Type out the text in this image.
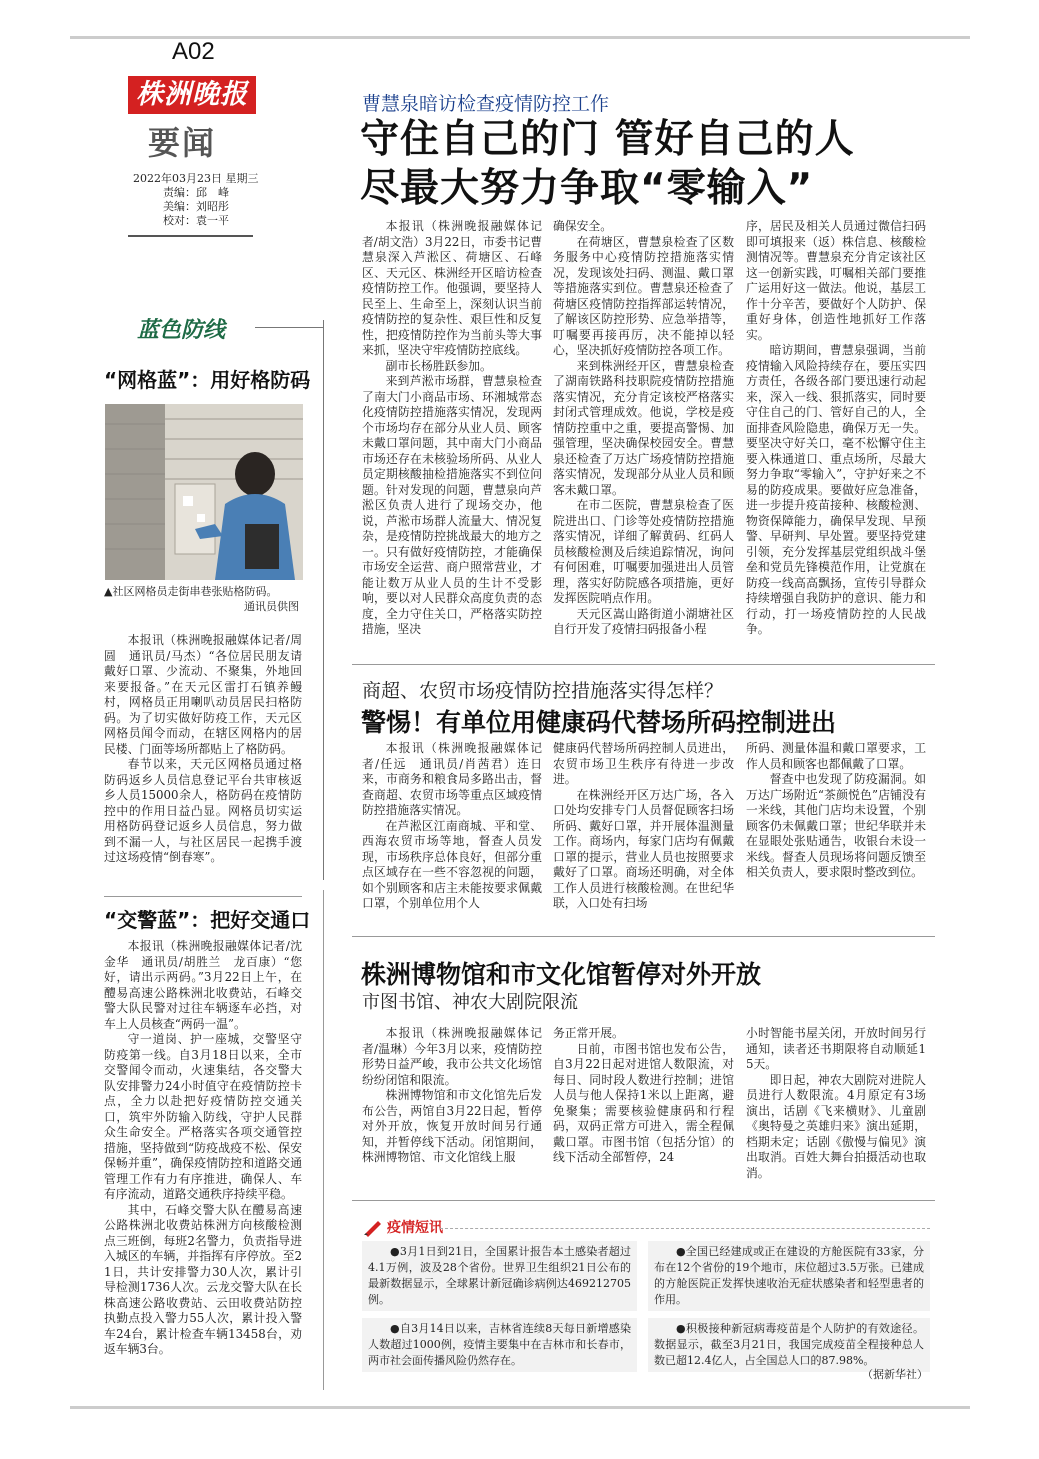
A02
株洲晚报
要闻
2022年03月23日 星期三
责编：邱　峰
美编：刘昭彤
校对：袁一平
曹慧泉暗访检查疫情防控工作
守住自己的门 管好自己的人
尽最大努力争取“零输入”

本报讯（株洲晚报融媒体记者/胡文浩）3月22日，市委书记曹慧泉深入芦淞区、荷塘区、石峰区、天元区、株洲经开区暗访检查疫情防控工作。他强调，要坚持人民至上、生命至上，深刻认识当前疫情防控的复杂性、艰巨性和反复性，把疫情防控作为当前头等大事来抓，坚决守牢疫情防控底线。

副市长杨胜跃参加。

来到芦淞市场群，曹慧泉检查了南大门小商品市场、环湘城常态化疫情防控措施落实情况，发现两个市场均存在部分从业人员、顾客未戴口罩问题，其中南大门小商品市场还存在未核验场所码、从业人员定期核酸抽检措施落实不到位问题。针对发现的问题，曹慧泉向芦淞区负责人进行了现场交办，他说，芦淞市场群人流量大、情况复杂，是疫情防控挑战最大的地方之一。只有做好疫情防控，才能确保市场安全运营、商户照常营业，才能让数万从业人员的生计不受影响，要以对人民群众高度负责的态度，全力守住关口，严格落实防控措施，坚决

确保安全。

在荷塘区，曹慧泉检查了区数务服务中心疫情防控措施落实情况，发现该处扫码、测温、戴口罩等措施落实到位。曹慧泉还检查了荷塘区疫情防控指挥部运转情况，了解该区防控形势、应急举措等，叮嘱要再接再厉，决不能掉以轻心，坚决抓好疫情防控各项工作。

来到株洲经开区，曹慧泉检查了湖南铁路科技职院疫情防控措施落实情况，充分肯定该校严格落实封闭式管理成效。他说，学校是疫情防控重中之重，要提高警惕、加强管理，坚决确保校园安全。曹慧泉还检查了万达广场疫情防控措施落实情况，发现部分从业人员和顾客未戴口罩。

在市二医院，曹慧泉检查了医院进出口、门诊等处疫情防控措施落实情况，详细了解黄码、红码人员核酸检测及后续追踪情况，询问有何困难，叮嘱要加强进出人员管理，落实好防院感各项措施，更好发挥医院哨点作用。

天元区嵩山路街道小湖塘社区自行开发了疫情扫码报备小程

序，居民及相关人员通过微信扫码即可填报来（返）株信息、核酸检测情况等。曹慧泉充分肯定该社区这一创新实践，叮嘱相关部门要推广运用好这一做法。他说，基层工作十分辛苦，要做好个人防护、保重好身体，创造性地抓好工作落实。

暗访期间，曹慧泉强调，当前疫情输入风险持续存在，要压实四方责任，各级各部门要迅速行动起来，深入一线、狠抓落实，同时要守住自己的门、管好自己的人，全面排查风险隐患，确保万无一失。要坚决守好关口，毫不松懈守住主要入株通道口、重点场所，尽最大努力争取“零输入”，守护好来之不易的防疫成果。要做好应急准备，进一步提升疫苗接种、核酸检测、物资保障能力，确保早发现、早预警、早研判、早处置。要坚持党建引领，充分发挥基层党组织战斗堡垒和党员先锋模范作用，让党旗在防疫一线高高飘扬，宣传引导群众持续增强自我防护的意识、能力和行动，打一场疫情防控的人民战争。

蓝色防线
“网格蓝”：用好格防码
▲社区网格员走街串巷张贴格防码。
通讯员供图

本报讯（株洲晚报融媒体记者/周圆　通讯员/马杰）“各位居民朋友请戴好口罩、少流动、不聚集，外地回来要报备。”在天元区雷打石镇养鳗村，网格员正用喇叭动员居民扫格防码。为了切实做好防疫工作，天元区网格员闻令而动，在辖区网格内的居民楼、门面等场所都贴上了格防码。

春节以来，天元区网格员通过格防码返乡人员信息登记平台共审核返乡人员15000余人，格防码在疫情防控中的作用日益凸显。网格员切实运用格防码登记返乡人员信息，努力做到不漏一人，与社区居民一起携手渡过这场疫情“倒春寒”。

“交警蓝”：把好交通口

本报讯（株洲晚报融媒体记者/沈金华　通讯员/胡胜兰　龙百康）“您好，请出示两码。”3月22日上午，在醴易高速公路株洲北收费站，石峰交警大队民警对过往车辆逐车必挡，对车上人员核查“两码一温”。

守一道岗、护一座城，交警坚守防疫第一线。自3月18日以来，全市交警闻令而动，火速集结，各交警大队安排警力24小时值守在疫情防控卡点，全力以赴把好疫情防控交通关口，筑牢外防输入防线，守护人民群众生命安全。严格落实各项交通管控措施，坚持做到“防疫战疫不松、保安保畅并重”，确保疫情防控和道路交通管理工作有力有序推进，确保人、车有序流动，道路交通秩序持续平稳。

其中，石峰交警大队在醴易高速公路株洲北收费站株洲方向核酸检测点三班倒，每班2名警力，负责指导进入城区的车辆，并指挥有序停放。至21日，共计安排警力30人次，累计引导检测1736人次。云龙交警大队在长株高速公路收费站、云田收费站防控执勤点投入警力55人次，累计投入警车24台，累计检查车辆13458台，劝返车辆3台。

商超、农贸市场疫情防控措施落实得怎样？
警惕！有单位用健康码代替场所码控制进出

本报讯（株洲晚报融媒体记者/任远　通讯员/肖茜君）连日来，市商务和粮食局多路出击，督查商超、农贸市场等重点区域疫情防控措施落实情况。

在芦淞区江南商城、平和堂、西海农贸市场等地，督查人员发现，市场秩序总体良好，但部分重点区域存在一些不容忽视的问题，如个别顾客和店主未能按要求佩戴口罩，个别单位用个人

健康码代替场所码控制人员进出，农贸市场卫生秩序有待进一步改进。

在株洲经开区万达广场，各入口处均安排专门人员督促顾客扫场所码、戴好口罩，并开展体温测量工作。商场内，每家门店均有佩戴口罩的提示，营业人员也按照要求戴好了口罩。商场还明确，对全体工作人员进行核酸检测。在世纪华联，入口处有扫场

所码、测量体温和戴口罩要求，工作人员和顾客也都佩戴了口罩。

督查中也发现了防疫漏洞。如万达广场附近“茶颜悦色”店铺没有一米线，其他门店均未设置，个别顾客仍未佩戴口罩；世纪华联并未在显眼处张贴通告，收银台未设一米线。督查人员现场将问题反馈至相关负责人，要求限时整改到位。

株洲博物馆和市文化馆暂停对外开放
市图书馆、神农大剧院限流

本报讯（株洲晚报融媒体记者/温琳）今年3月以来，疫情防控形势日益严峻，我市公共文化场馆纷纷闭馆和限流。

株洲博物馆和市文化馆先后发布公告，两馆自3月22日起，暂停对外开放，恢复开放时间另行通知，并暂停线下活动。闭馆期间，株洲博物馆、市文化馆线上服

务正常开展。

日前，市图书馆也发布公告，自3月22日起对进馆人数限流，对每日、同时段人数进行控制；进馆人员与他人保持1米以上距离，避免聚集；需要核验健康码和行程码，双码正常方可进入，需全程佩戴口罩。市图书馆（包括分馆）的线下活动全部暂停，24

小时智能书屋关闭，开放时间另行通知，读者还书期限将自动顺延15天。

即日起，神农大剧院对进院人员进行人数限流。4月原定有3场演出，话剧《飞来横财》、儿童剧《奥特曼之英雄归来》演出延期，档期未定；话剧《傲慢与偏见》演出取消。百姓大舞台拍摄活动也取消。

疫情短讯

●3月1日到21日，全国累计报告本土感染者超过4.1万例，波及28个省份。世界卫生组织21日公布的最新数据显示，全球累计新冠确诊病例达469212705例。

●全国已经建成或正在建设的方舱医院有33家，分布在12个省份的19个地市，床位超过3.5万张。已建成的方舱医院正发挥快速收治无症状感染者和轻型患者的作用。

●自3月14日以来，吉林省连续8天每日新增感染人数超过1000例，疫情主要集中在吉林市和长春市，两市社会面传播风险仍然存在。

●积极接种新冠病毒疫苗是个人防护的有效途径。数据显示，截至3月21日，我国完成疫苗全程接种总人数已超12.4亿人，占全国总人口的87.98%。

（据新华社）
